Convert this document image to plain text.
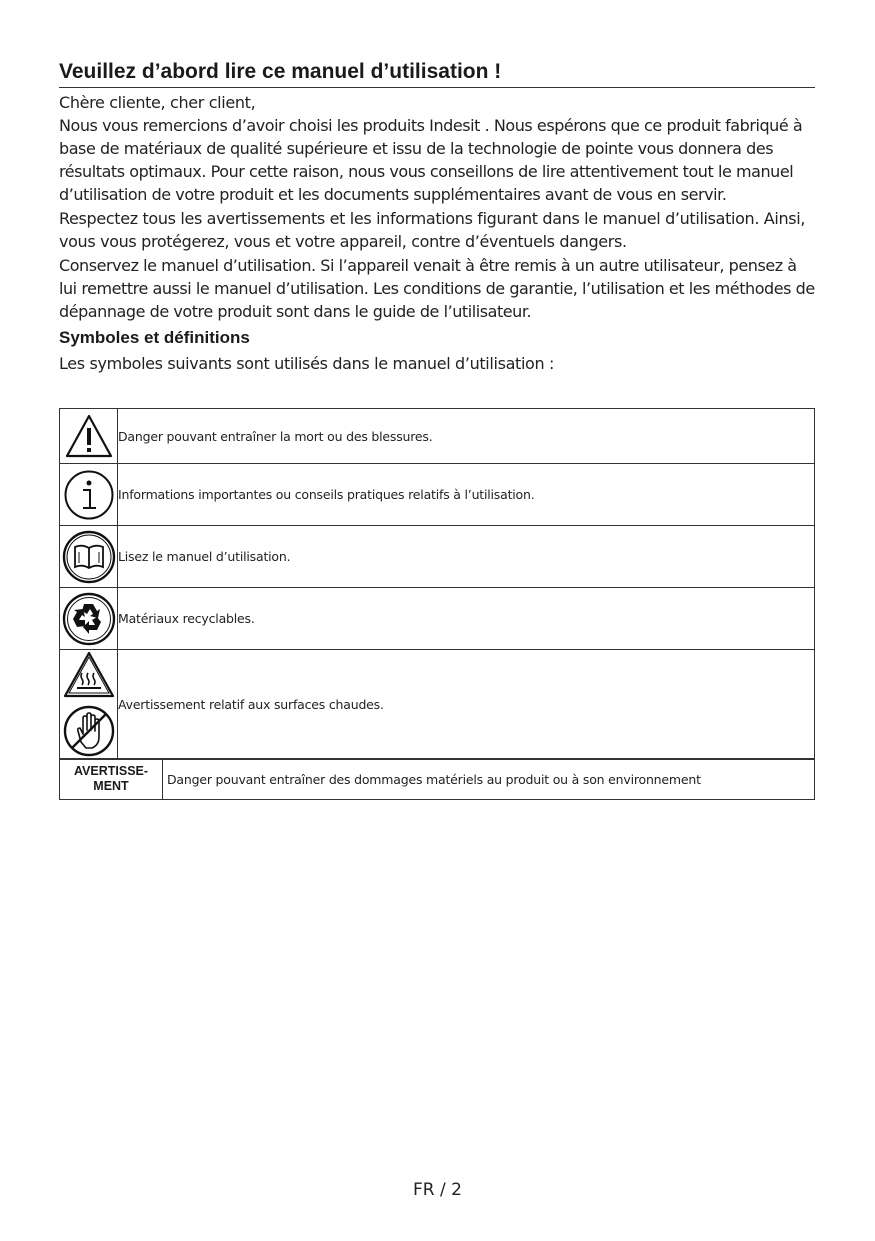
Veuillez d’abord lire ce manuel d’utilisation !

Chère cliente, cher client,

Nous vous remercions d’avoir choisi les produits Indesit . Nous espérons que ce produit fabriqué à base de matériaux de qualité supérieure et issu de la technologie de pointe vous donnera des résultats optimaux. Pour cette raison, nous vous conseillons de lire attentivement tout le manuel d’utilisation de votre produit et les documents supplémentaires avant de vous en servir.

Respectez tous les avertissements et les informations figurant dans le manuel d’utilisation. Ainsi, vous vous protégerez, vous et votre appareil, contre d’éventuels dangers.

Conservez le manuel d’utilisation. Si l’appareil venait à être remis à un autre utilisateur, pensez à lui remettre aussi le manuel d’utilisation. Les conditions de garantie, l’utilisation et les méthodes de dépannage de votre produit sont dans le guide de l’utilisateur.

Symboles et définitions

Les symboles suivants sont utilisés dans le manuel d’utilisation :

	Danger pouvant entraîner la mort ou des blessures.

	Informations importantes ou conseils pratiques relatifs à l’utilisation.

	Lisez le manuel d’utilisation.

	Matériaux recyclables.

	Avertissement relatif aux surfaces chaudes.
AVERTISSE-
MENT	Danger pouvant entraîner des dommages matériels au produit ou à son environnement
FR / 2
